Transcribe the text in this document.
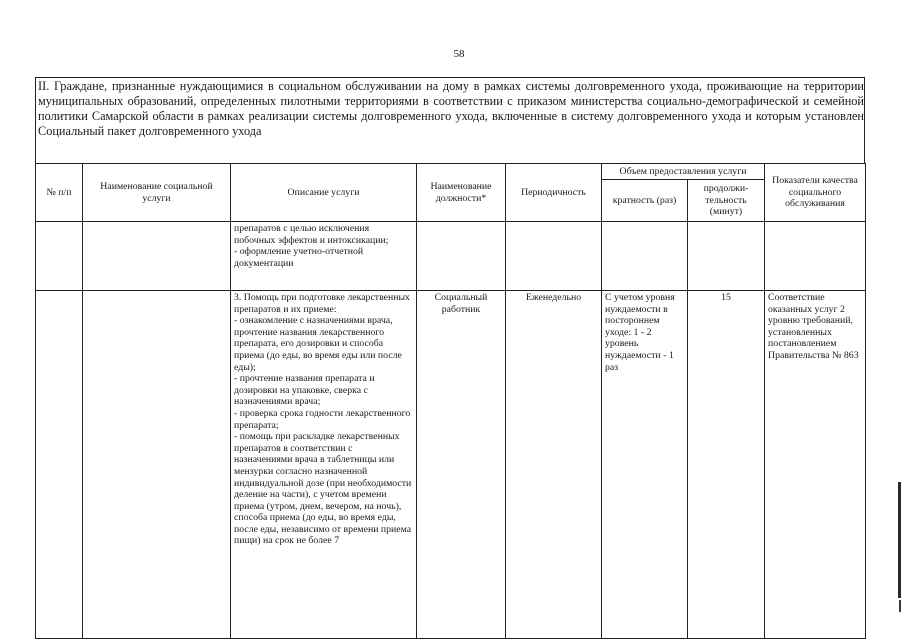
58
II. Граждане, признанные нуждающимися в социальном обслуживании на дому в рамках системы долговременного ухода, проживающие на территории муниципальных образований, определенных пилотными территориями в соответствии с приказом министерства социально-демографической и семейной политики Самарской области в рамках реализации системы долговременного ухода, включенные в систему долговременного ухода и которым установлен Социальный пакет долговременного ухода
№ п/п	Наименование социальной услуги	Описание услуги	Наименование должности*	Периодичность	Объем предоставления услуги		Показатели качества социального обслуживания
					кратность (раз)	продолжи-тельность (минут)	
		препаратов с целью исключения побочных эффектов и интоксикации;
- оформление учетно-отчетной документации					
		3. Помощь при подготовке лекарственных препаратов и их приеме:
- ознакомление с назначениями врача, прочтение названия лекарственного препарата, его дозировки и способа приема (до еды, во время еды или после еды);
- прочтение названия препарата и дозировки на упаковке, сверка с назначениями врача;
- проверка срока годности лекарственного препарата;
- помощь при раскладке лекарственных препаратов в соответствии с назначениями врача в таблетницы или мензурки согласно назначенной индивидуальной дозе (при необходимости деление на части), с учетом времени приема (утром, днем, вечером, на ночь), способа приема (до еды, во время еды, после еды, независимо от времени приема пищи) на срок не более 7	Социальный работник	Еженедельно	С учетом уровня нуждаемости в постороннем уходе: 1 - 2 уровень нуждаемости - 1 раз	15	Соответствие оказанных услуг 2 уровню требований, установленных постановлением Правительства № 863
